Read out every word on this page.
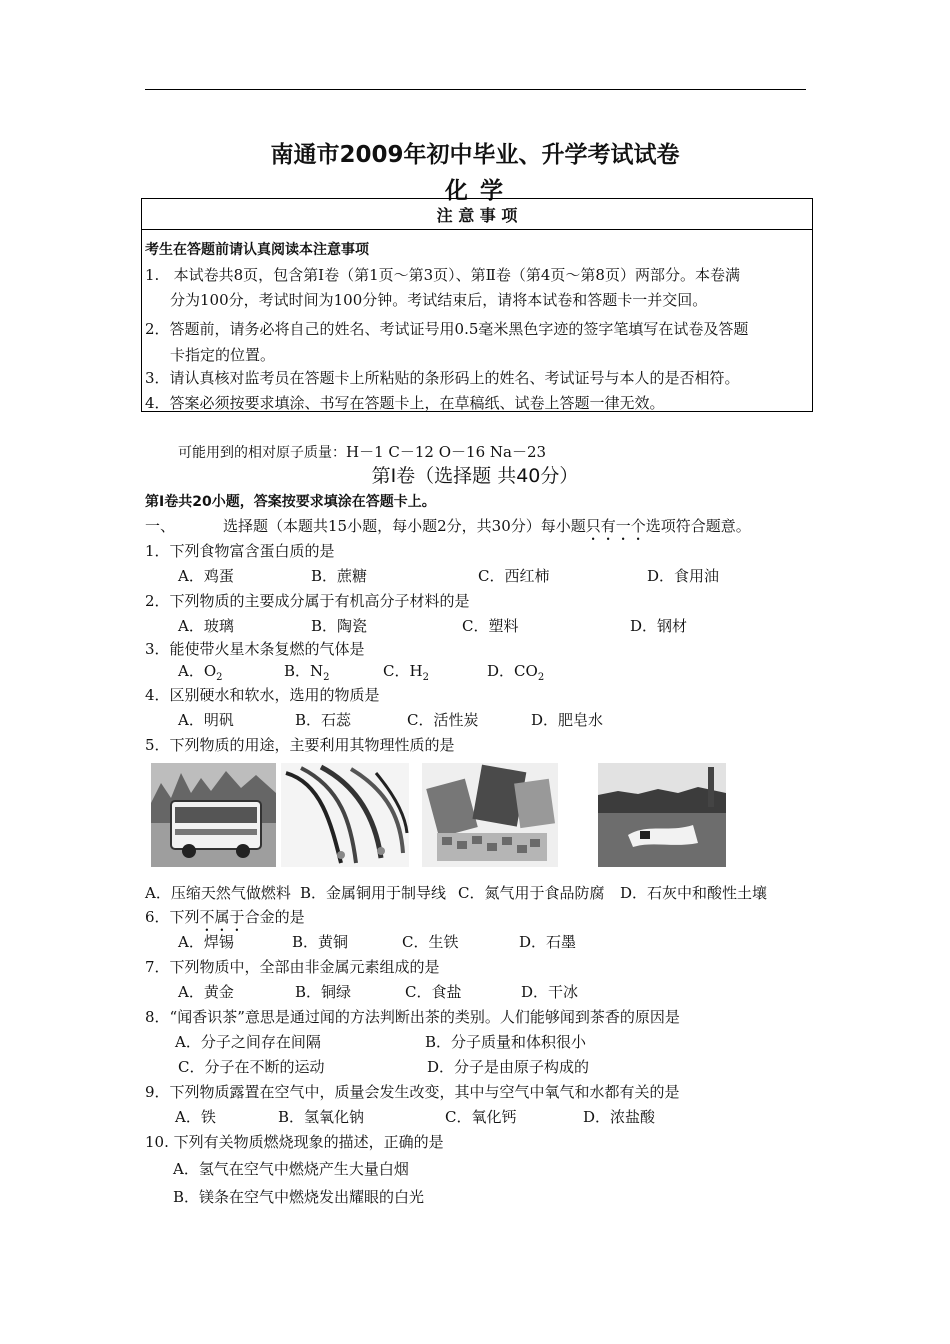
南通市2009年初中毕业、升学考试试卷
化 学
注 意 事 项
考生在答题前请认真阅读本注意事项
1.   本试卷共8页，包含第Ⅰ卷（第1页～第3页）、第Ⅱ卷（第4页～第8页）两部分。本卷满
分为100分，考试时间为100分钟。考试结束后，请将本试卷和答题卡一并交回。
2．答题前，请务必将自己的姓名、考试证号用0.5毫米黑色字迹的签字笔填写在试卷及答题
卡指定的位置。
3．请认真核对监考员在答题卡上所粘贴的条形码上的姓名、考试证号与本人的是否相符。
4．答案必须按要求填涂、书写在答题卡上，在草稿纸、试卷上答题一律无效。
可能用到的相对原子质量：H－1 C－12 O－16 Na－23
第Ⅰ卷（选择题 共40分）
第Ⅰ卷共20小题，答案按要求填涂在答题卡上。
一、	选择题（本题共15小题，每小题2分，共30分）每小题只有一个选项符合题意。
1．下列食物富含蛋白质的是
A．鸡蛋	B．蔗糖	C．西红柿	D．食用油
2．下列物质的主要成分属于有机高分子材料的是
A．玻璃	B．陶瓷	C．塑料	D．钢材
3．能使带火星木条复燃的气体是
A．$O_2$	B．$N_2$	C．$H_2$	D．$CO_2$
4．区别硬水和软水，选用的物质是
A．明矾	B．石蕊	C．活性炭	D．肥皂水
5．下列物质的用途，主要利用其物理性质的是
A．压缩天然气做燃料 B．金属铜用于制导线 C．氮气用于食品防腐 D．石灰中和酸性土壤
6．下列不属于合金的是
A．焊锡	B．黄铜	C．生铁	D．石墨
7．下列物质中，全部由非金属元素组成的是
A．黄金	B．铜绿	C．食盐	D．干冰
8．“闻香识茶”意思是通过闻的方法判断出茶的类别。人们能够闻到茶香的原因是
A．分子之间存在间隔	B．分子质量和体积很小
C．分子在不断的运动	D．分子是由原子构成的
9．下列物质露置在空气中，质量会发生改变，其中与空气中氧气和水都有关的是
A．铁	B．氢氧化钠	C．氧化钙	D．浓盐酸
10. 下列有关物质燃烧现象的描述，正确的是
A．氢气在空气中燃烧产生大量白烟
B．镁条在空气中燃烧发出耀眼的白光
